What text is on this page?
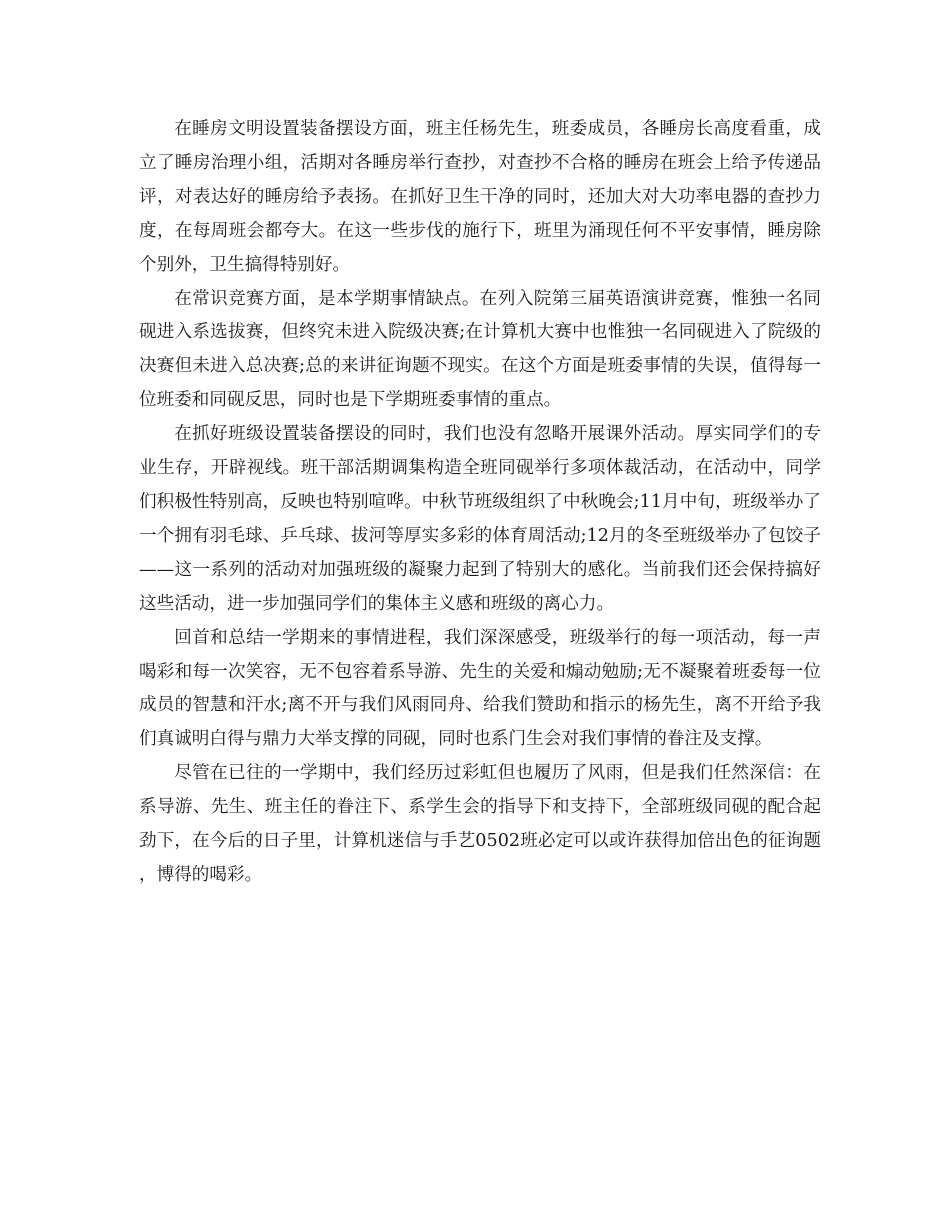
在睡房文明设置装备摆设方面，班主任杨先生，班委成员，各睡房长高度看重，成立了睡房治理小组，活期对各睡房举行查抄，对查抄不合格的睡房在班会上给予传递品评，对表达好的睡房给予表扬。在抓好卫生干净的同时，还加大对大功率电器的查抄力度，在每周班会都夸大。在这一些步伐的施行下，班里为涌现任何不平安事情，睡房除个别外，卫生搞得特别好。

在常识竞赛方面，是本学期事情缺点。在列入院第三届英语演讲竞赛，惟独一名同砚进入系选拔赛，但终究未进入院级决赛;在计算机大赛中也惟独一名同砚进入了院级的决赛但未进入总决赛;总的来讲征询题不现实。在这个方面是班委事情的失误，值得每一位班委和同砚反思，同时也是下学期班委事情的重点。

在抓好班级设置装备摆设的同时，我们也没有忽略开展课外活动。厚实同学们的专业生存，开辟视线。班干部活期调集构造全班同砚举行多项体裁活动，在活动中，同学们积极性特别高，反映也特别喧哗。中秋节班级组织了中秋晚会;11月中旬，班级举办了一个拥有羽毛球、乒乓球、拔河等厚实多彩的体育周活动;12月的冬至班级举办了包饺子——这一系列的活动对加强班级的凝聚力起到了特别大的感化。当前我们还会保持搞好这些活动，进一步加强同学们的集体主义感和班级的离心力。

回首和总结一学期来的事情进程，我们深深感受，班级举行的每一项活动，每一声喝彩和每一次笑容，无不包容着系导游、先生的关爱和煽动勉励;无不凝聚着班委每一位成员的智慧和汗水;离不开与我们风雨同舟、给我们赞助和指示的杨先生，离不开给予我们真诚明白得与鼎力大举支撑的同砚，同时也系门生会对我们事情的眷注及支撑。

尽管在已往的一学期中，我们经历过彩虹但也履历了风雨，但是我们任然深信：在系导游、先生、班主任的眷注下、系学生会的指导下和支持下，全部班级同砚的配合起劲下，在今后的日子里，计算机迷信与手艺0502班必定可以或许获得加倍出色的征询题，博得的喝彩。
